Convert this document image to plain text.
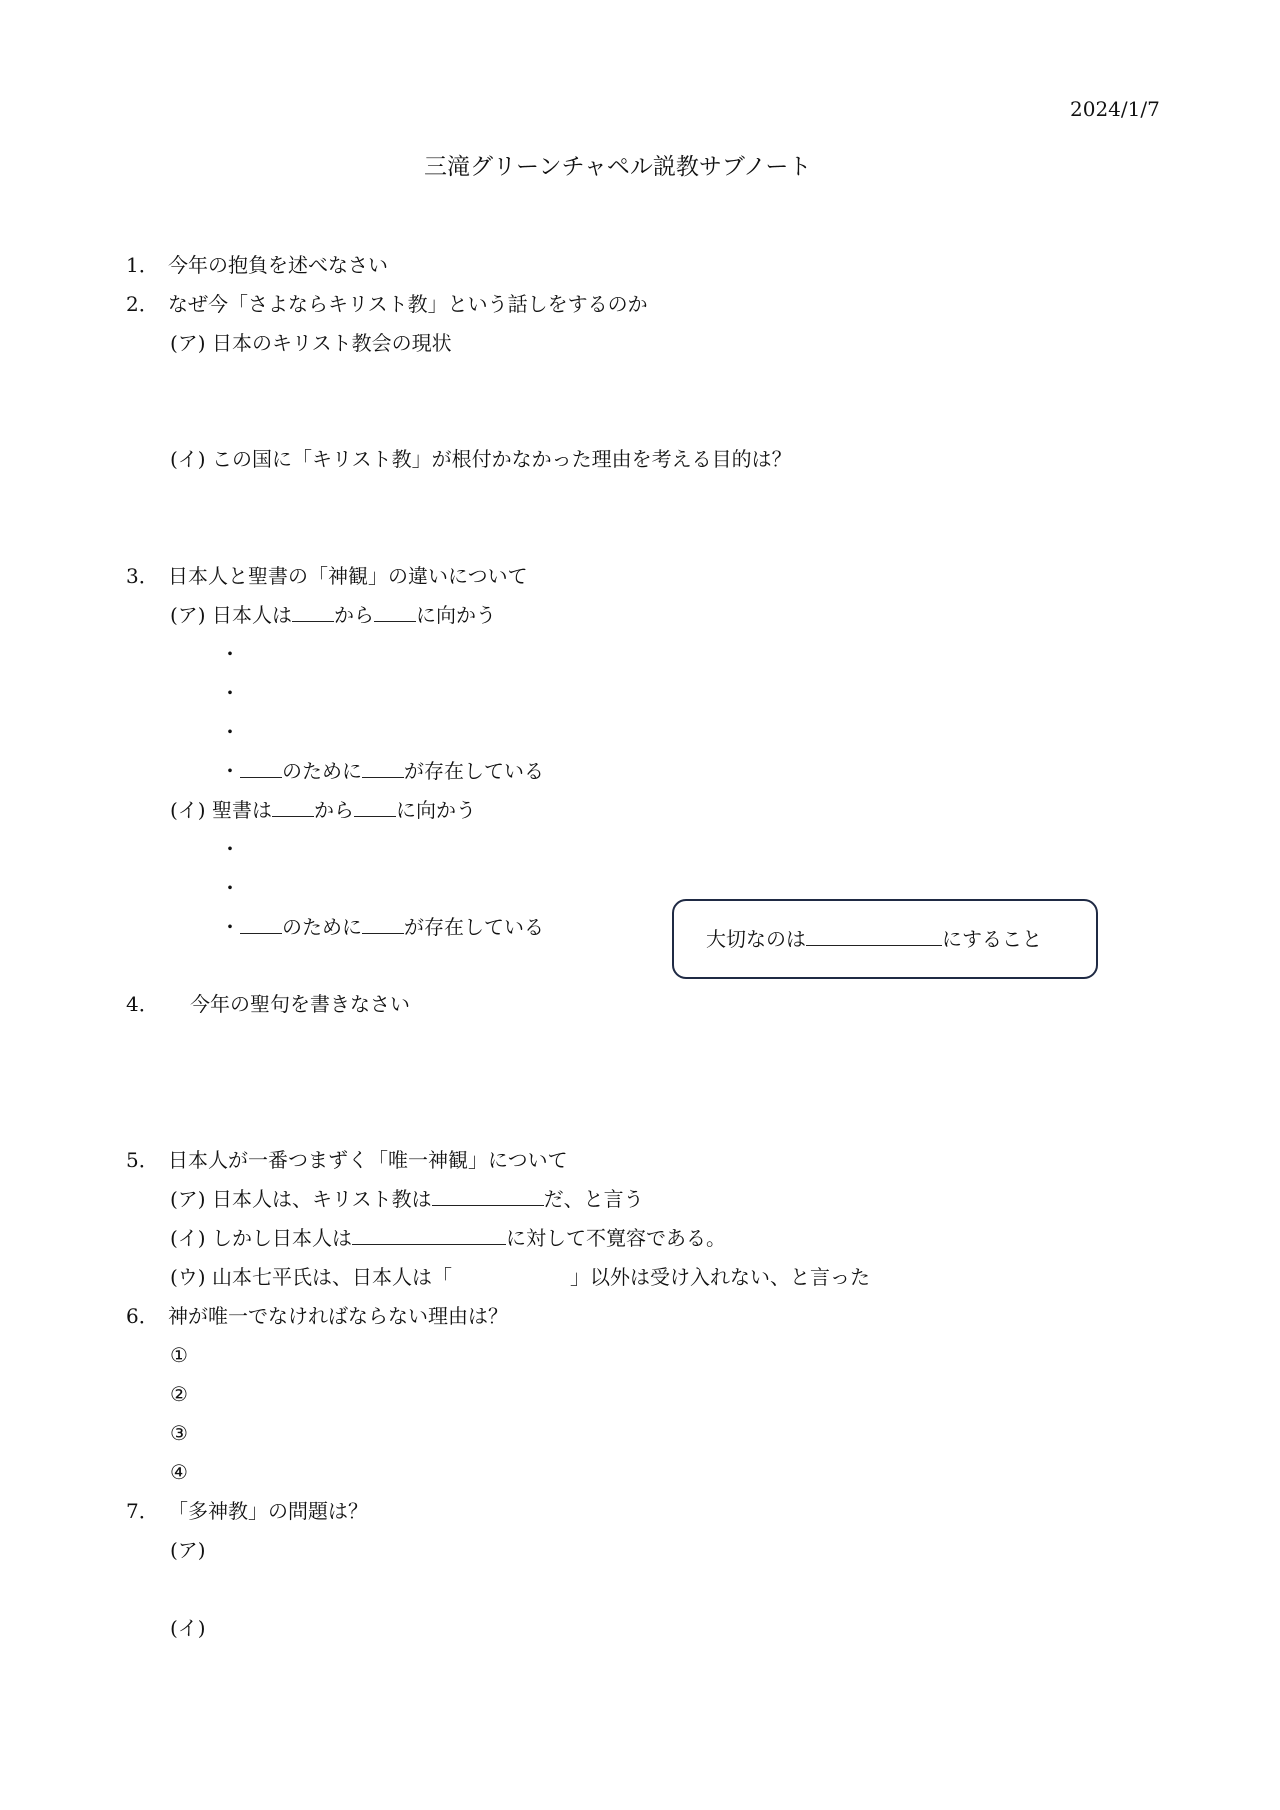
2024/1/7
三滝グリーンチャペル説教サブノート
1． 今年の抱負を述べなさい
2． なぜ今「さよならキリスト教」という話しをするのか
(ア) 日本のキリスト教会の現状
(イ) この国に「キリスト教」が根付かなかった理由を考える目的は？
3． 日本人と聖書の「神観」の違いについて
(ア) 日本人は から に向かう
・
・
・
・ のために が存在している
(イ) 聖書は から に向かう
・
・
・ のために が存在している	大切なのは	にすること
4． 今年の聖句を書きなさい
5． 日本人が一番つまずく「唯一神観」について
(ア) 日本人は、キリスト教は	だ、と言う
(イ) しかし日本人は	に対して不寛容である。
(ウ) 山本七平氏は、日本人は「	」以外は受け入れない、と言った
6． 神が唯一でなければならない理由は？
①
②
③
④
7． 「多神教」の問題は？
(ア)
(イ)
